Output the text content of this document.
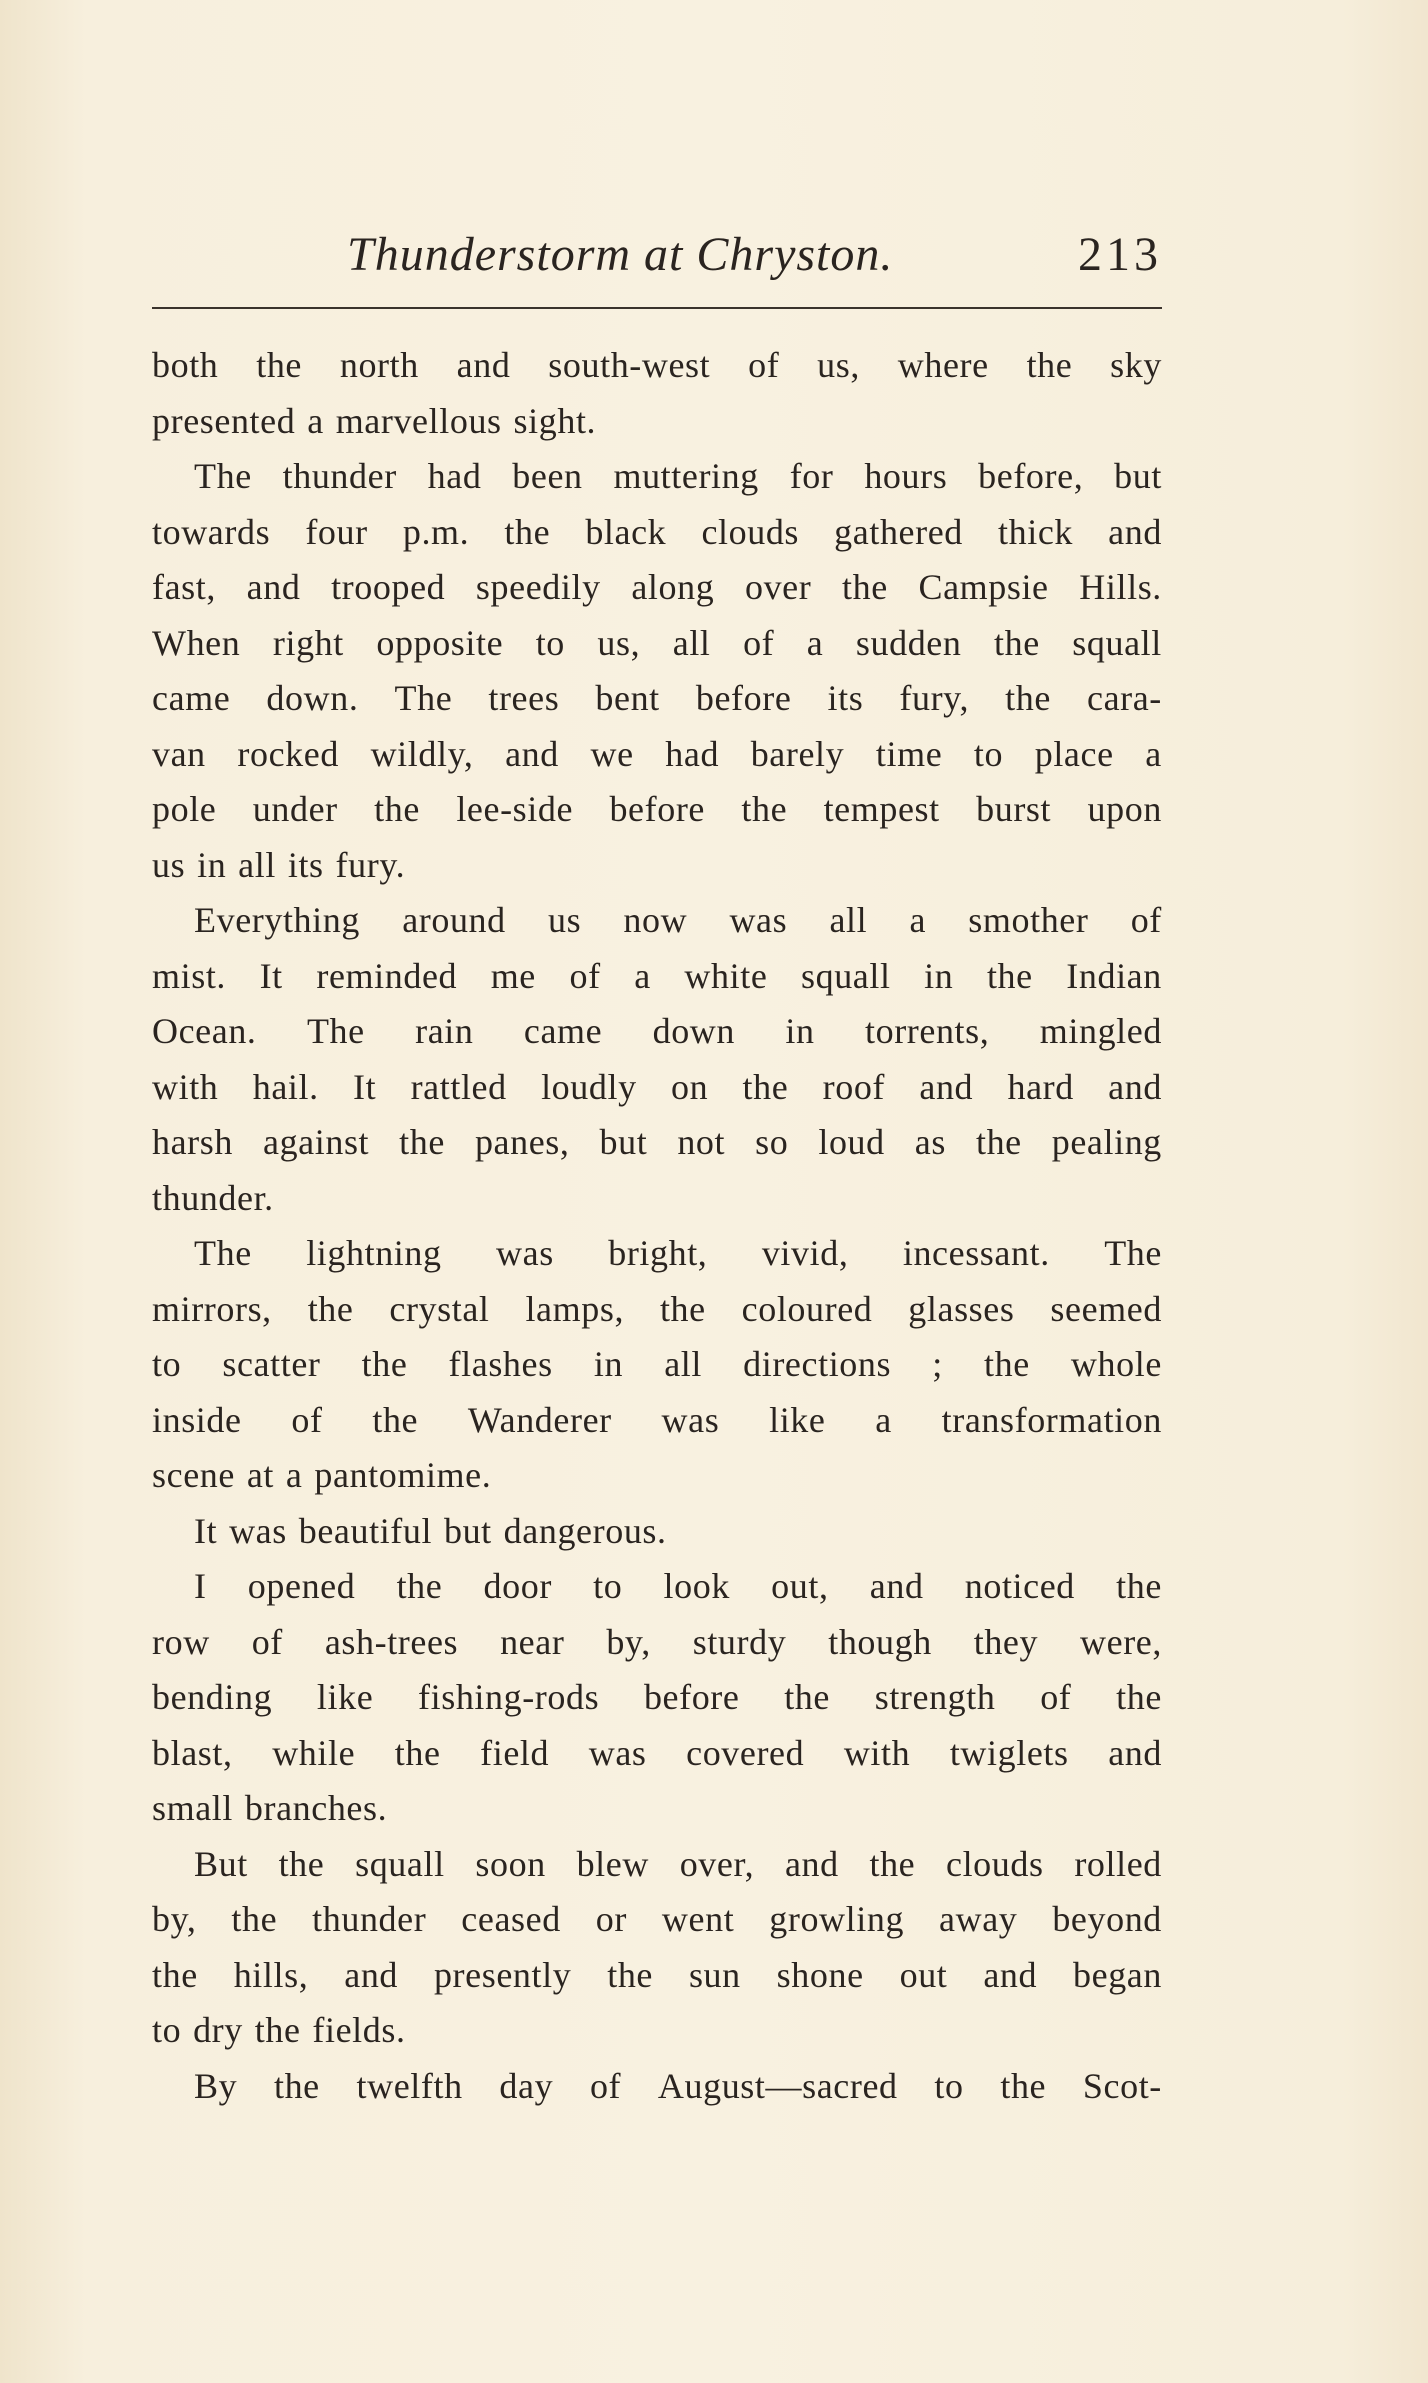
Thunderstorm at Chryston.	213
both the north and south-west of us, where the sky
presented a marvellous sight.
The thunder had been muttering for hours before, but
towards four p.m. the black clouds gathered thick and
fast, and trooped speedily along over the Campsie Hills.
When right opposite to us, all of a sudden the squall
came down. The trees bent before its fury, the cara-
van rocked wildly, and we had barely time to place a
pole under the lee-side before the tempest burst upon
us in all its fury.
Everything around us now was all a smother of
mist. It reminded me of a white squall in the Indian
Ocean. The rain came down in torrents, mingled
with hail. It rattled loudly on the roof and hard and
harsh against the panes, but not so loud as the pealing
thunder.
The lightning was bright, vivid, incessant. The
mirrors, the crystal lamps, the coloured glasses seemed
to scatter the flashes in all directions ; the whole
inside of the Wanderer was like a transformation
scene at a pantomime.
It was beautiful but dangerous.
I opened the door to look out, and noticed the
row of ash-trees near by, sturdy though they were,
bending like fishing-rods before the strength of the
blast, while the field was covered with twiglets and
small branches.
But the squall soon blew over, and the clouds rolled
by, the thunder ceased or went growling away beyond
the hills, and presently the sun shone out and began
to dry the fields.
By the twelfth day of August—sacred to the Scot-
